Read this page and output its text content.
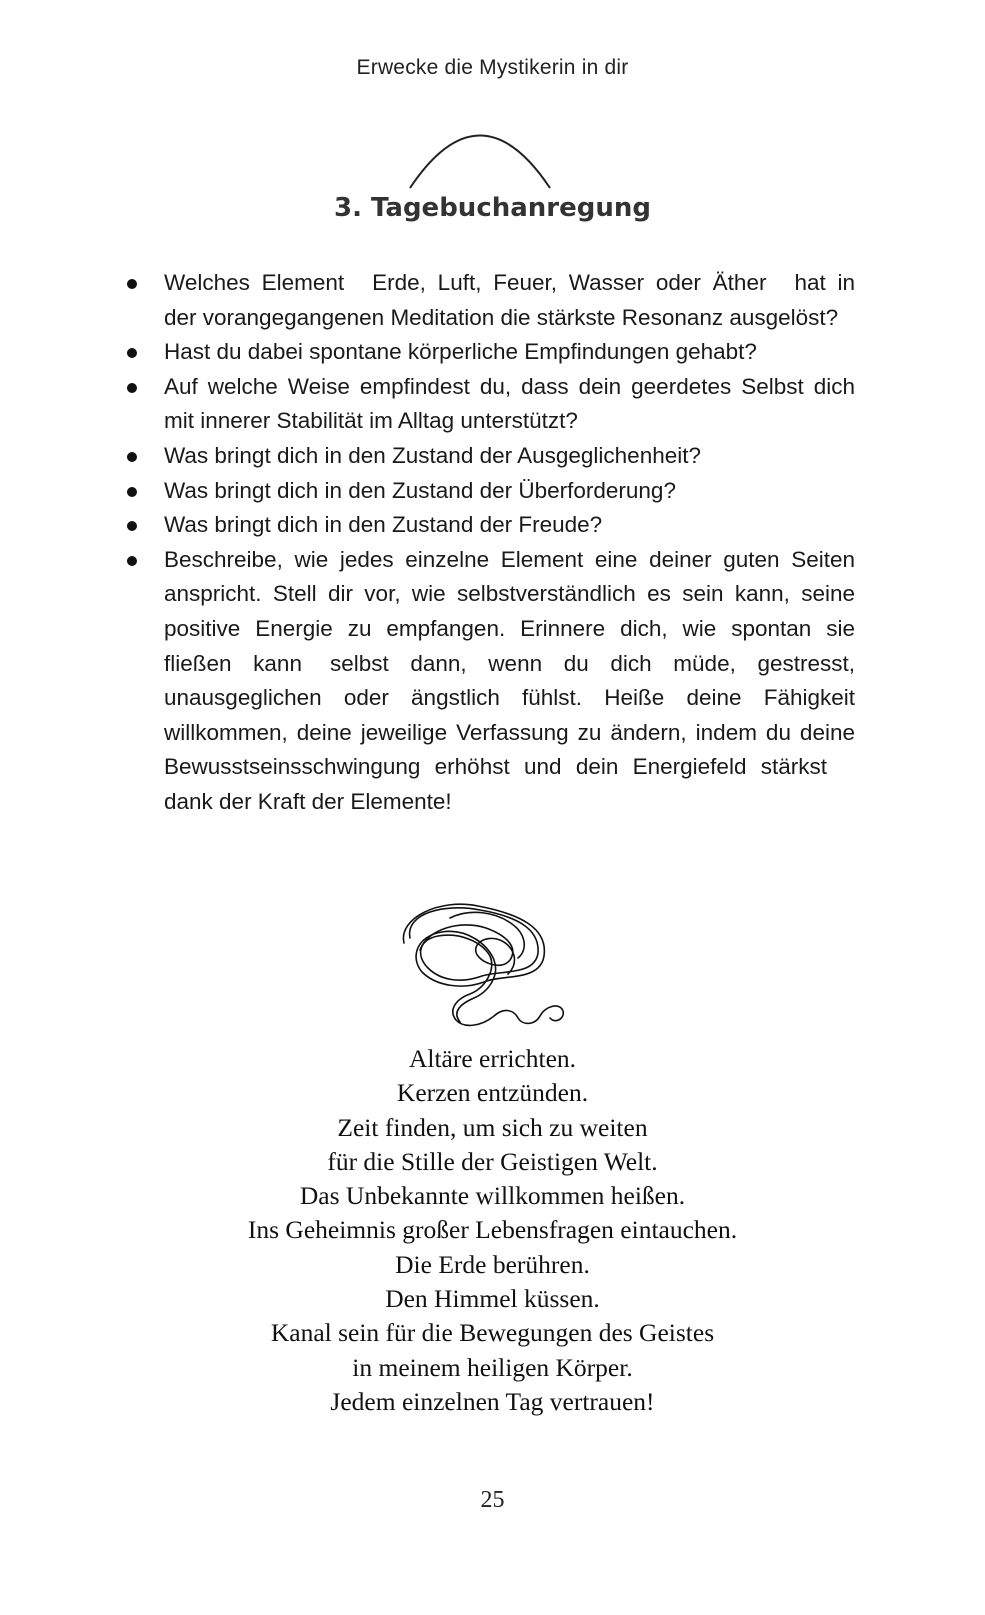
Erwecke die Mystikerin in dir
3. Tagebuchanregung
Welches Element Erde, Luft, Feuer, Wasser oder Äther hat in der vorangegangenen Meditation die stärkste Resonanz ausgelöst?
Hast du dabei spontane körperliche Empfindungen gehabt?
Auf welche Weise empfindest du, dass dein geerdetes Selbst dich mit innerer Stabilität im Alltag unterstützt?
Was bringt dich in den Zustand der Ausgeglichenheit?
Was bringt dich in den Zustand der Überforderung?
Was bringt dich in den Zustand der Freude?
Beschreibe, wie jedes einzelne Element eine deiner guten Seiten anspricht. Stell dir vor, wie selbstverständlich es sein kann, seine positive Energie zu empfangen. Erinnere dich, wie spontan sie fließen kann selbst dann, wenn du dich müde, gestresst, unausgeglichen oder ängstlich fühlst. Heiße deine Fähigkeit willkommen, deine jeweilige Verfassung zu ändern, indem du deine Bewusstseinsschwingung erhöhst und dein Energiefeld stärkstdank der Kraft der Elemente!
Altäre errichten.
Kerzen entzünden.
Zeit finden, um sich zu weiten
für die Stille der Geistigen Welt.
Das Unbekannte willkommen heißen.
Ins Geheimnis großer Lebensfragen eintauchen.
Die Erde berühren.
Den Himmel küssen.
Kanal sein für die Bewegungen des Geistes
in meinem heiligen Körper.
Jedem einzelnen Tag vertrauen!
25
